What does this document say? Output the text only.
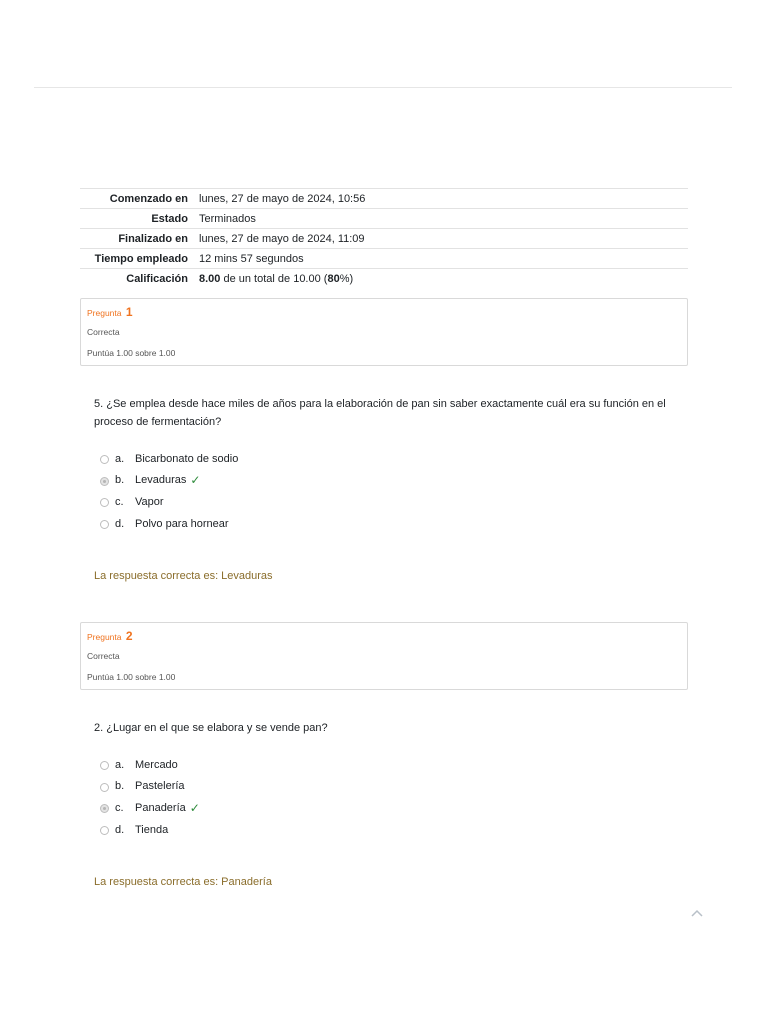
Comenzado en	lunes, 27 de mayo de 2024, 10:56
Estado	Terminados
Finalizado en	lunes, 27 de mayo de 2024, 11:09
Tiempo empleado	12 mins 57 segundos
Calificación	8.00 de un total de 10.00 (80%)
Pregunta 1
Correcta
Puntúa 1.00 sobre 1.00
5. ¿Se emplea desde hace miles de años para la elaboración de pan sin saber exactamente cuál era su función en el proceso de fermentación?
a. Bicarbonato de sodio
b. Levaduras ✓
c.	Vapor
d. Polvo para hornear
La respuesta correcta es: Levaduras
Pregunta 2
Correcta
Puntúa 1.00 sobre 1.00
2. ¿Lugar en el que se elabora y se vende pan?
a. Mercado
b. Pastelería
c.	Panadería ✓
d. Tienda
La respuesta correcta es: Panadería
